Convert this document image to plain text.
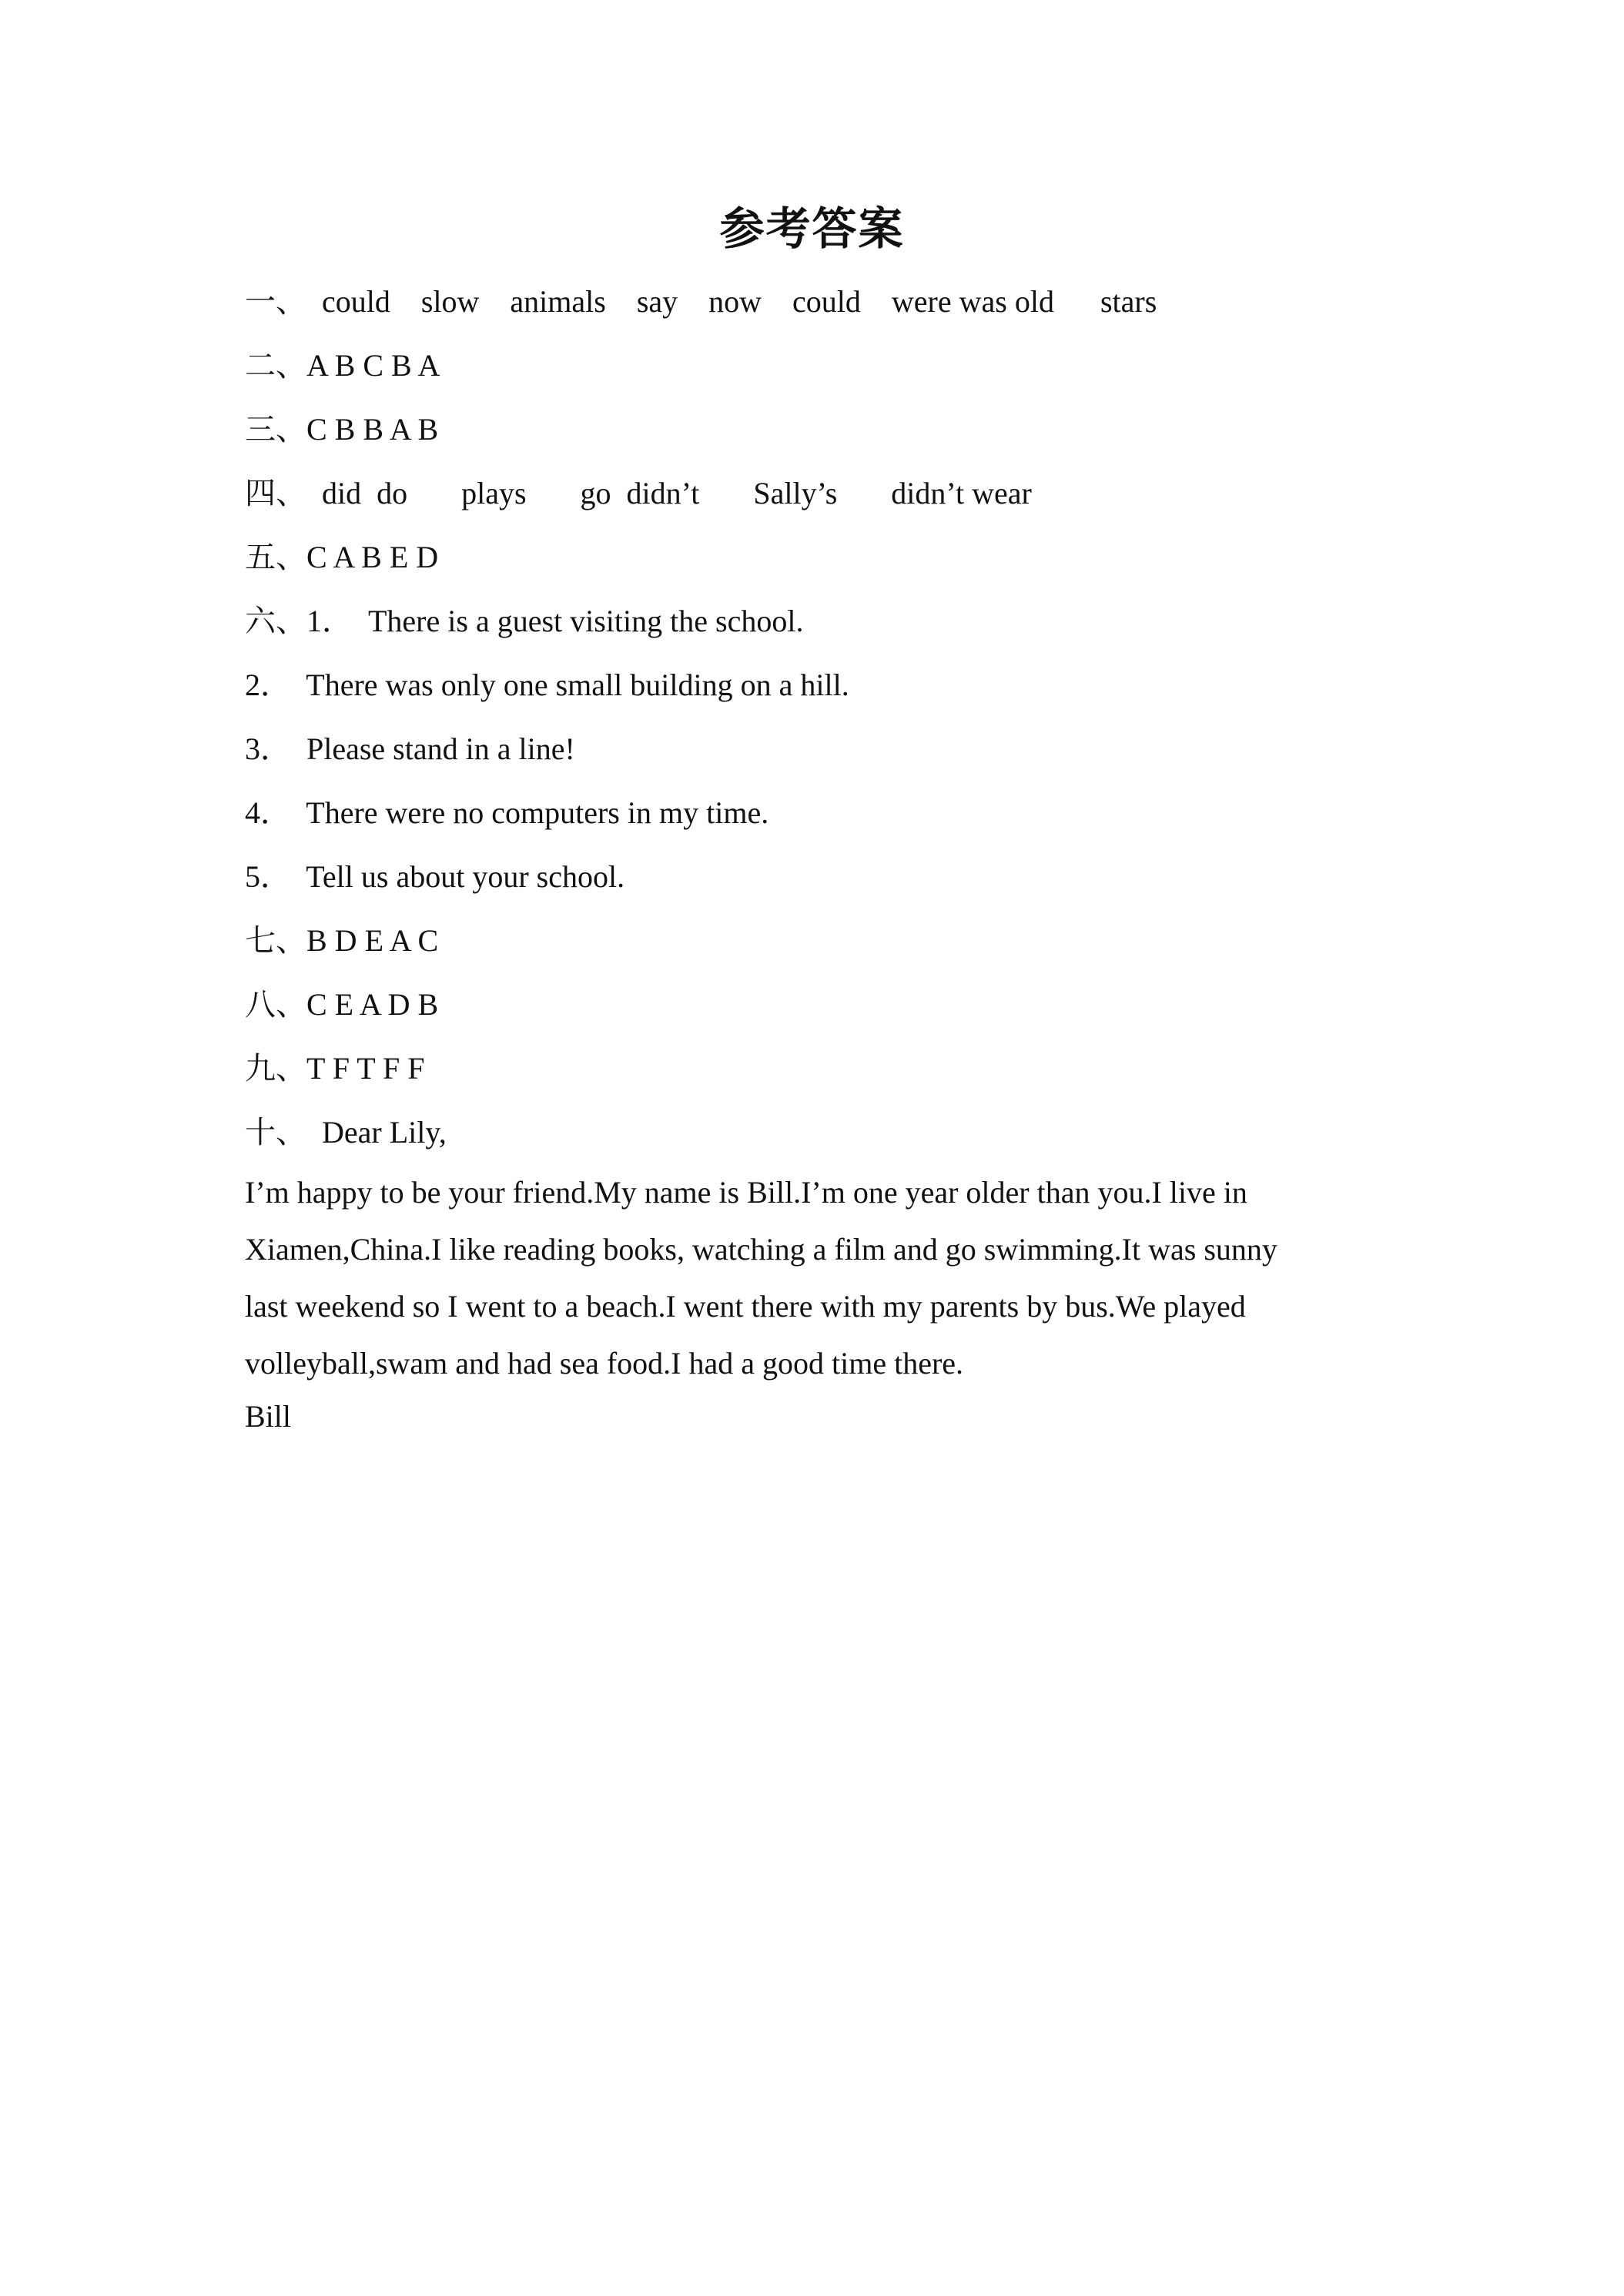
参考答案
一、  could    slow    animals    say    now    could    were was old      stars
二、A B C B A
三、C B B A B
四、  did  do       plays       go  didn’t       Sally’s       didn’t wear
五、C A B E D
六、1．  There is a guest visiting the school.
2．  There was only one small building on a hill.
3．  Please stand in a line!
4．  There were no computers in my time.
5．  Tell us about your school.
七、B D E A C
八、C E A D B
九、T F T F F
十、  Dear Lily,

I’m happy to be your friend.My name is Bill.I’m one year older than you.I live in

Xiamen,China.I like reading books, watching a film and go swimming.It was sunny

last weekend so I went to a beach.I went there with my parents by bus.We played

volleyball,swam and had sea food.I had a good time there.

Bill
